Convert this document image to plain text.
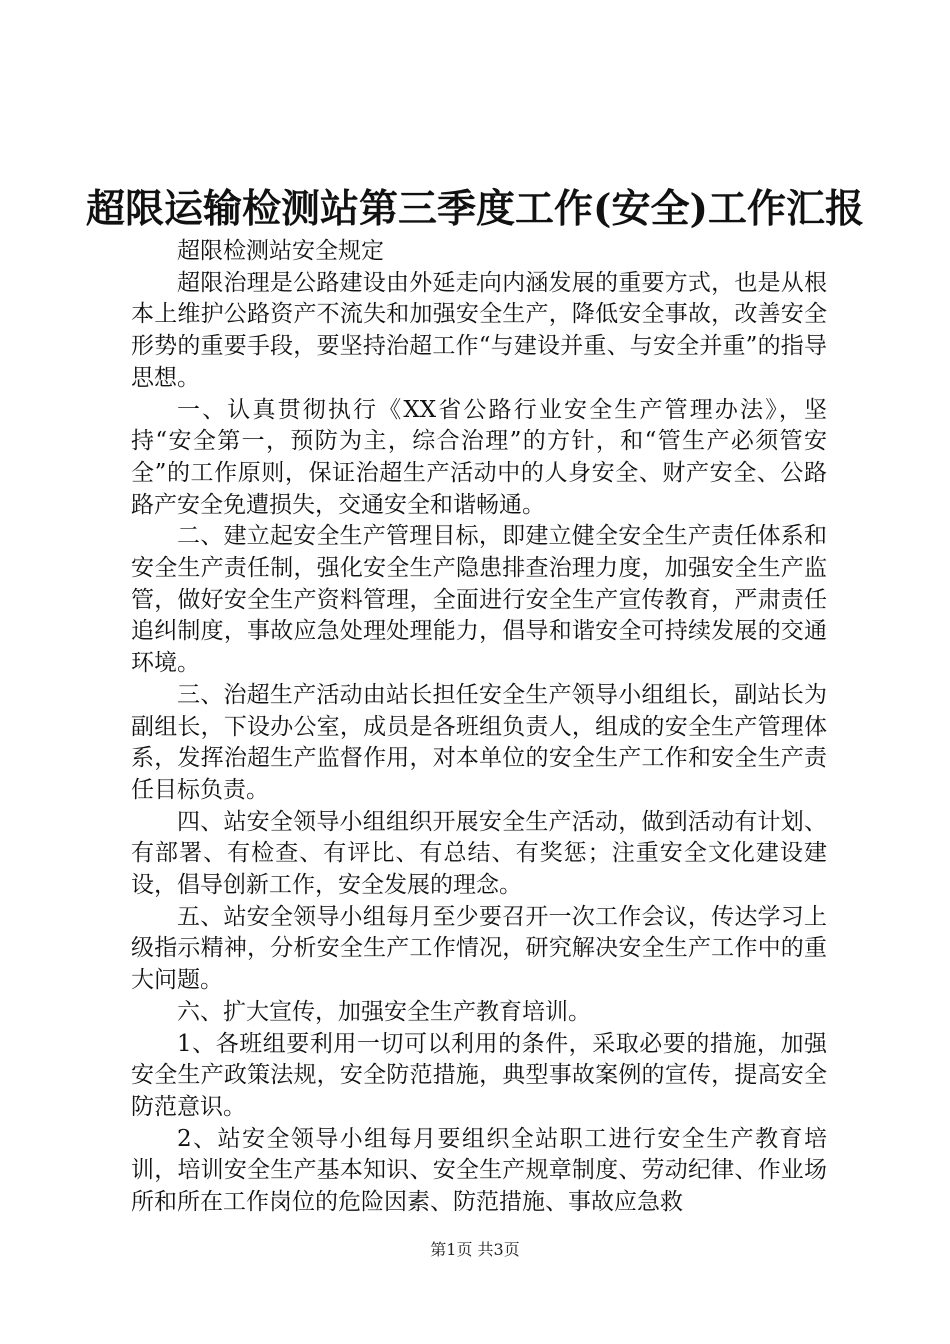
超限运输检测站第三季度工作(安全)工作汇报

超限检测站安全规定

超限治理是公路建设由外延走向内涵发展的重要方式，也是从根本上维护公路资产不流失和加强安全生产，降低安全事故，改善安全形势的重要手段，要坚持治超工作“与建设并重、与安全并重”的指导思想。

一、认真贯彻执行《XX省公路行业安全生产管理办法》，坚持“安全第一，预防为主，综合治理”的方针，和“管生产必须管安全”的工作原则，保证治超生产活动中的人身安全、财产安全、公路路产安全免遭损失，交通安全和谐畅通。

二、建立起安全生产管理目标，即建立健全安全生产责任体系和安全生产责任制，强化安全生产隐患排查治理力度，加强安全生产监管，做好安全生产资料管理，全面进行安全生产宣传教育，严肃责任追纠制度，事故应急处理处理能力，倡导和谐安全可持续发展的交通环境。

三、治超生产活动由站长担任安全生产领导小组组长，副站长为副组长，下设办公室，成员是各班组负责人，组成的安全生产管理体系，发挥治超生产监督作用，对本单位的安全生产工作和安全生产责任目标负责。

四、站安全领导小组组织开展安全生产活动，做到活动有计划、有部署、有检查、有评比、有总结、有奖惩；注重安全文化建设建设，倡导创新工作，安全发展的理念。

五、站安全领导小组每月至少要召开一次工作会议，传达学习上级指示精神，分析安全生产工作情况，研究解决安全生产工作中的重大问题。

六、扩大宣传，加强安全生产教育培训。

1、各班组要利用一切可以利用的条件，采取必要的措施，加强安全生产政策法规，安全防范措施，典型事故案例的宣传，提高安全防范意识。

2、站安全领导小组每月要组织全站职工进行安全生产教育培训，培训安全生产基本知识、安全生产规章制度、劳动纪律、作业场所和所在工作岗位的危险因素、防范措施、事故应急救

第1页 共3页
